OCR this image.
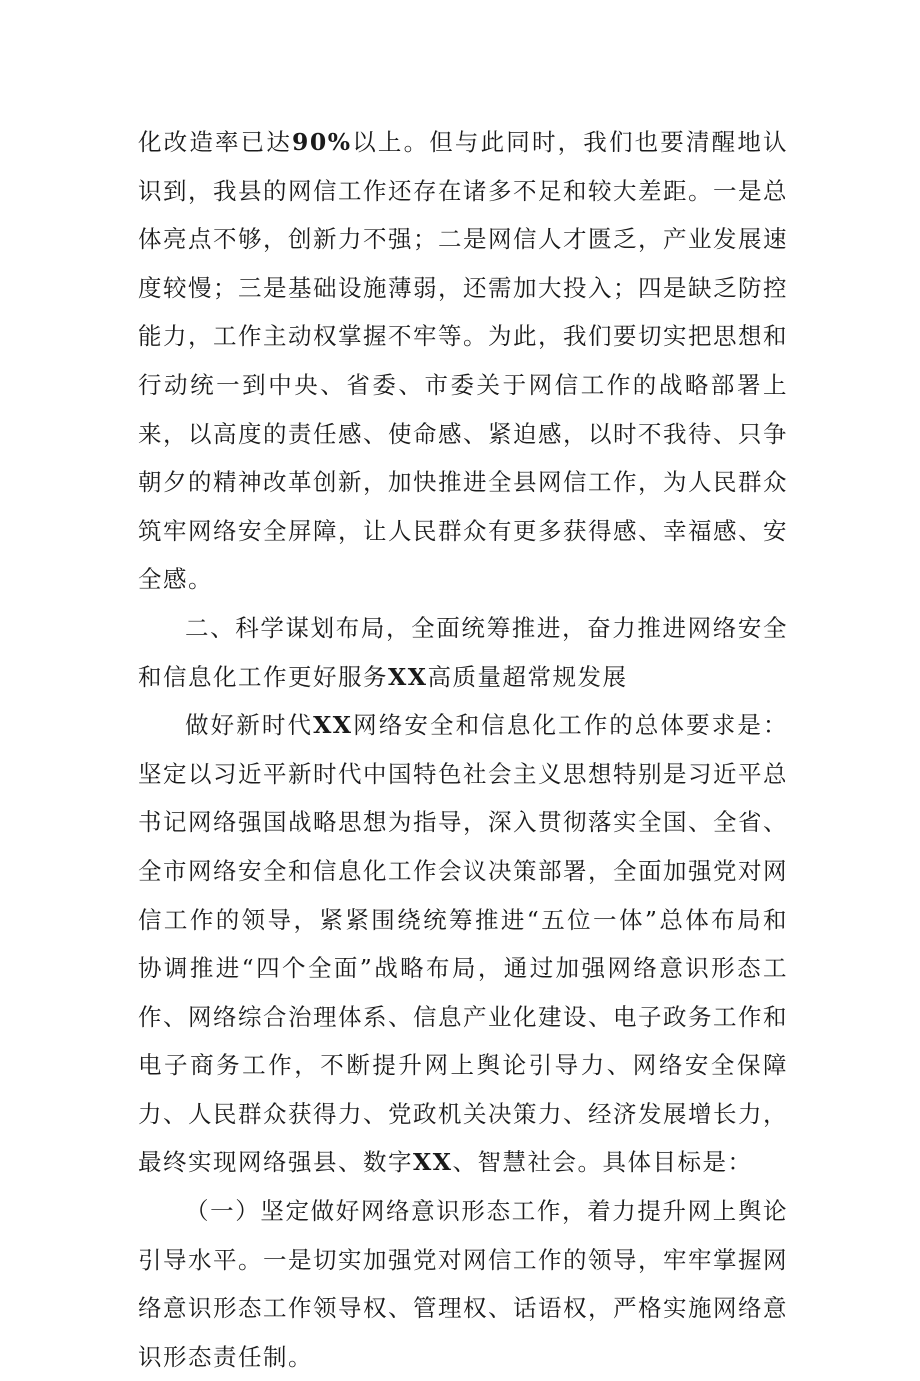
化改造率已达90%以上。但与此同时，我们也要清醒地认识到，我县的网信工作还存在诸多不足和较大差距。一是总体亮点不够，创新力不强；二是网信人才匮乏，产业发展速度较慢；三是基础设施薄弱，还需加大投入；四是缺乏防控能力，工作主动权掌握不牢等。为此，我们要切实把思想和行动统一到中央、省委、市委关于网信工作的战略部署上来，以高度的责任感、使命感、紧迫感，以时不我待、只争朝夕的精神改革创新，加快推进全县网信工作，为人民群众筑牢网络安全屏障，让人民群众有更多获得感、幸福感、安全感。

二、科学谋划布局，全面统筹推进，奋力推进网络安全和信息化工作更好服务XX高质量超常规发展

做好新时代XX网络安全和信息化工作的总体要求是：坚定以习近平新时代中国特色社会主义思想特别是习近平总书记网络强国战略思想为指导，深入贯彻落实全国、全省、全市网络安全和信息化工作会议决策部署，全面加强党对网信工作的领导，紧紧围绕统筹推进“五位一体”总体布局和协调推进“四个全面”战略布局，通过加强网络意识形态工作、网络综合治理体系、信息产业化建设、电子政务工作和电子商务工作，不断提升网上舆论引导力、网络安全保障力、人民群众获得力、党政机关决策力、经济发展增长力，最终实现网络强县、数字XX、智慧社会。具体目标是：

（一）坚定做好网络意识形态工作，着力提升网上舆论引导水平。一是切实加强党对网信工作的领导，牢牢掌握网络意识形态工作领导权、管理权、话语权，严格实施网络意识形态责任制。
